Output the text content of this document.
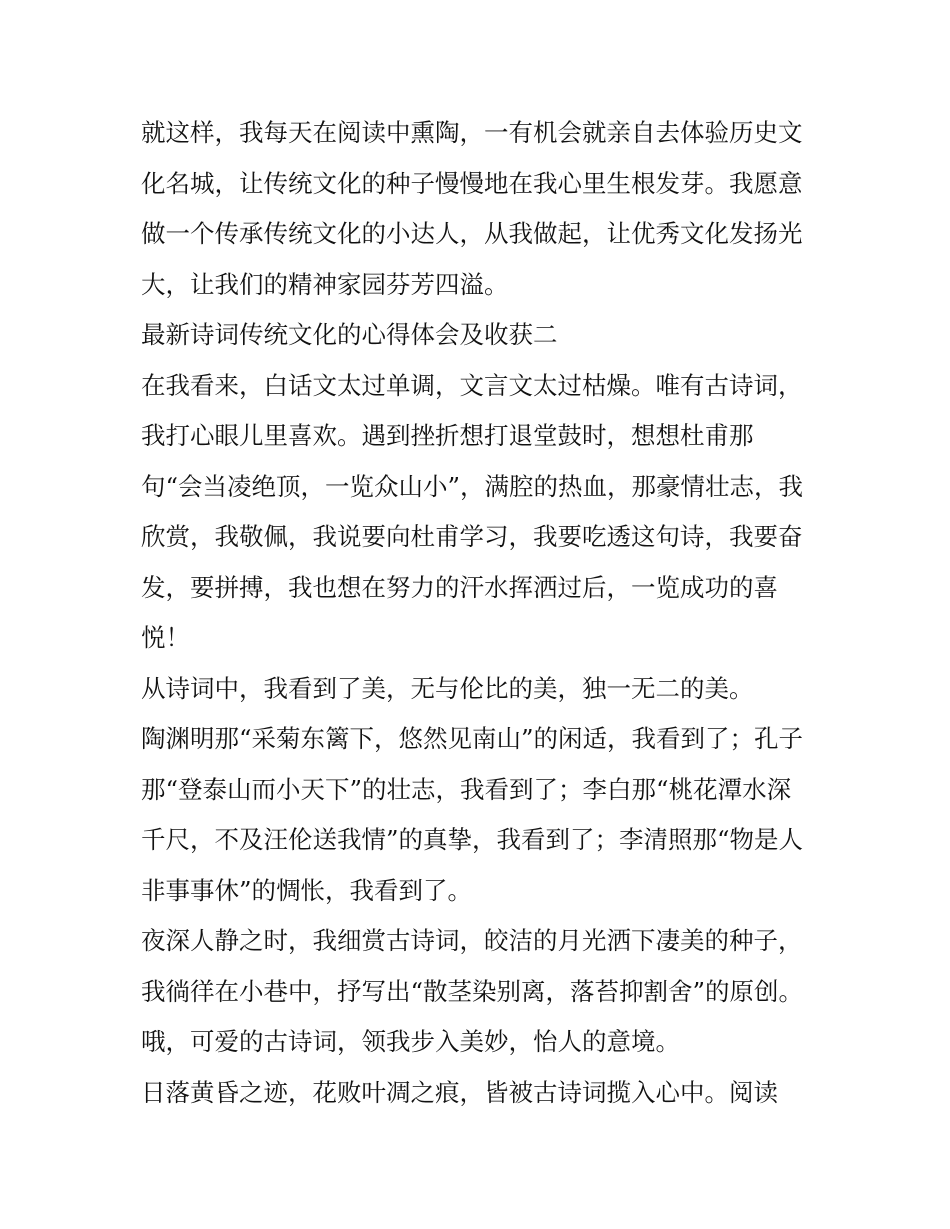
就这样，我每天在阅读中熏陶，一有机会就亲自去体验历史文
化名城，让传统文化的种子慢慢地在我心里生根发芽。我愿意
做一个传承传统文化的小达人，从我做起，让优秀文化发扬光
大，让我们的精神家园芬芳四溢。
最新诗词传统文化的心得体会及收获二
在我看来，白话文太过单调，文言文太过枯燥。唯有古诗词，
我打心眼儿里喜欢。遇到挫折想打退堂鼓时，想想杜甫那
句“会当凌绝顶，一览众山小”，满腔的热血，那豪情壮志，我
欣赏，我敬佩，我说要向杜甫学习，我要吃透这句诗，我要奋
发，要拼搏，我也想在努力的汗水挥洒过后，一览成功的喜
悦！
从诗词中，我看到了美，无与伦比的美，独一无二的美。
陶渊明那“采菊东篱下，悠然见南山”的闲适，我看到了；孔子
那“登泰山而小天下”的壮志，我看到了；李白那“桃花潭水深
千尺，不及汪伦送我情”的真挚，我看到了；李清照那“物是人
非事事休”的惆怅，我看到了。
夜深人静之时，我细赏古诗词，皎洁的月光洒下凄美的种子，
我徜徉在小巷中，抒写出“散茎染别离，落苔抑割舍”的原创。
哦，可爱的古诗词，领我步入美妙，怡人的意境。
日落黄昏之迹，花败叶凋之痕，皆被古诗词揽入心中。阅读
